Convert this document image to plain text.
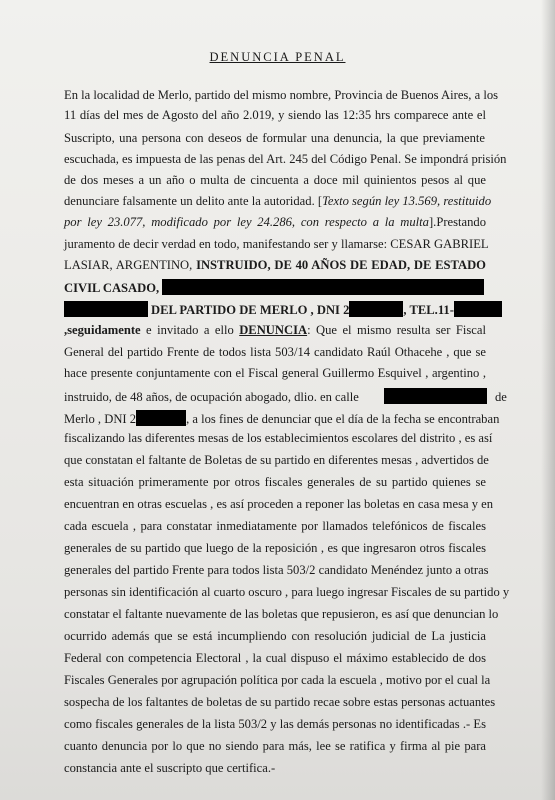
DENUNCIA PENAL
En la localidad de Merlo, partido del mismo nombre, Provincia de Buenos Aires, a los
11 días del mes de Agosto del año 2.019, y siendo las 12:35 hrs comparece ante el
Suscripto, una persona con deseos de formular una denuncia, la que previamente
escuchada, es impuesta de las penas del Art. 245 del Código Penal. Se impondrá prisión
de dos meses a un año o multa de cincuenta a doce mil quinientos pesos al que
denunciare falsamente un delito ante la autoridad. [Texto según ley 13.569, restituido
por ley 23.077, modificado por ley 24.286, con respecto a la multa].Prestando
juramento de decir verdad en todo, manifestando ser y llamarse: CESAR GABRIEL
LASIAR, ARGENTINO, INSTRUIDO, DE 40 AÑOS DE EDAD, DE ESTADO
CIVIL CASADO,
DEL PARTIDO DE MERLO , DNI 2	, TEL.11-
,seguidamente e invitado a ello DENUNCIA: Que el mismo resulta ser Fiscal
General del partido Frente de todos lista 503/14 candidato Raúl Othacehe , que se
hace presente conjuntamente con el Fiscal general Guillermo Esquivel , argentino ,
instruido, de 48 años, de ocupación abogado, dlio. en calle	de
Merlo , DNI 2	, a los fines de denunciar que el día de la fecha se encontraban
fiscalizando las diferentes mesas de los establecimientos escolares del distrito , es así
que constatan el faltante de Boletas de su partido en diferentes mesas , advertidos de
esta situación primeramente por otros fiscales generales de su partido quienes se
encuentran en otras escuelas , es así proceden a reponer las boletas en casa mesa y en
cada escuela , para constatar inmediatamente por llamados telefónicos de fiscales
generales de su partido que luego de la reposición , es que ingresaron otros fiscales
generales del partido Frente para todos lista 503/2 candidato Menéndez junto a otras
personas sin identificación al cuarto oscuro , para luego ingresar Fiscales de su partido y
constatar el faltante nuevamente de las boletas que repusieron, es así que denuncian lo
ocurrido además que se está incumpliendo con resolución judicial de La justicia
Federal con competencia Electoral , la cual dispuso el máximo establecido de dos
Fiscales Generales por agrupación política por cada la escuela , motivo por el cual la
sospecha de los faltantes de boletas de su partido recae sobre estas personas actuantes
como fiscales generales de la lista 503/2 y las demás personas no identificadas .- Es
cuanto denuncia por lo que no siendo para más, lee se ratifica y firma al pie para
constancia ante el suscripto que certifica.-
